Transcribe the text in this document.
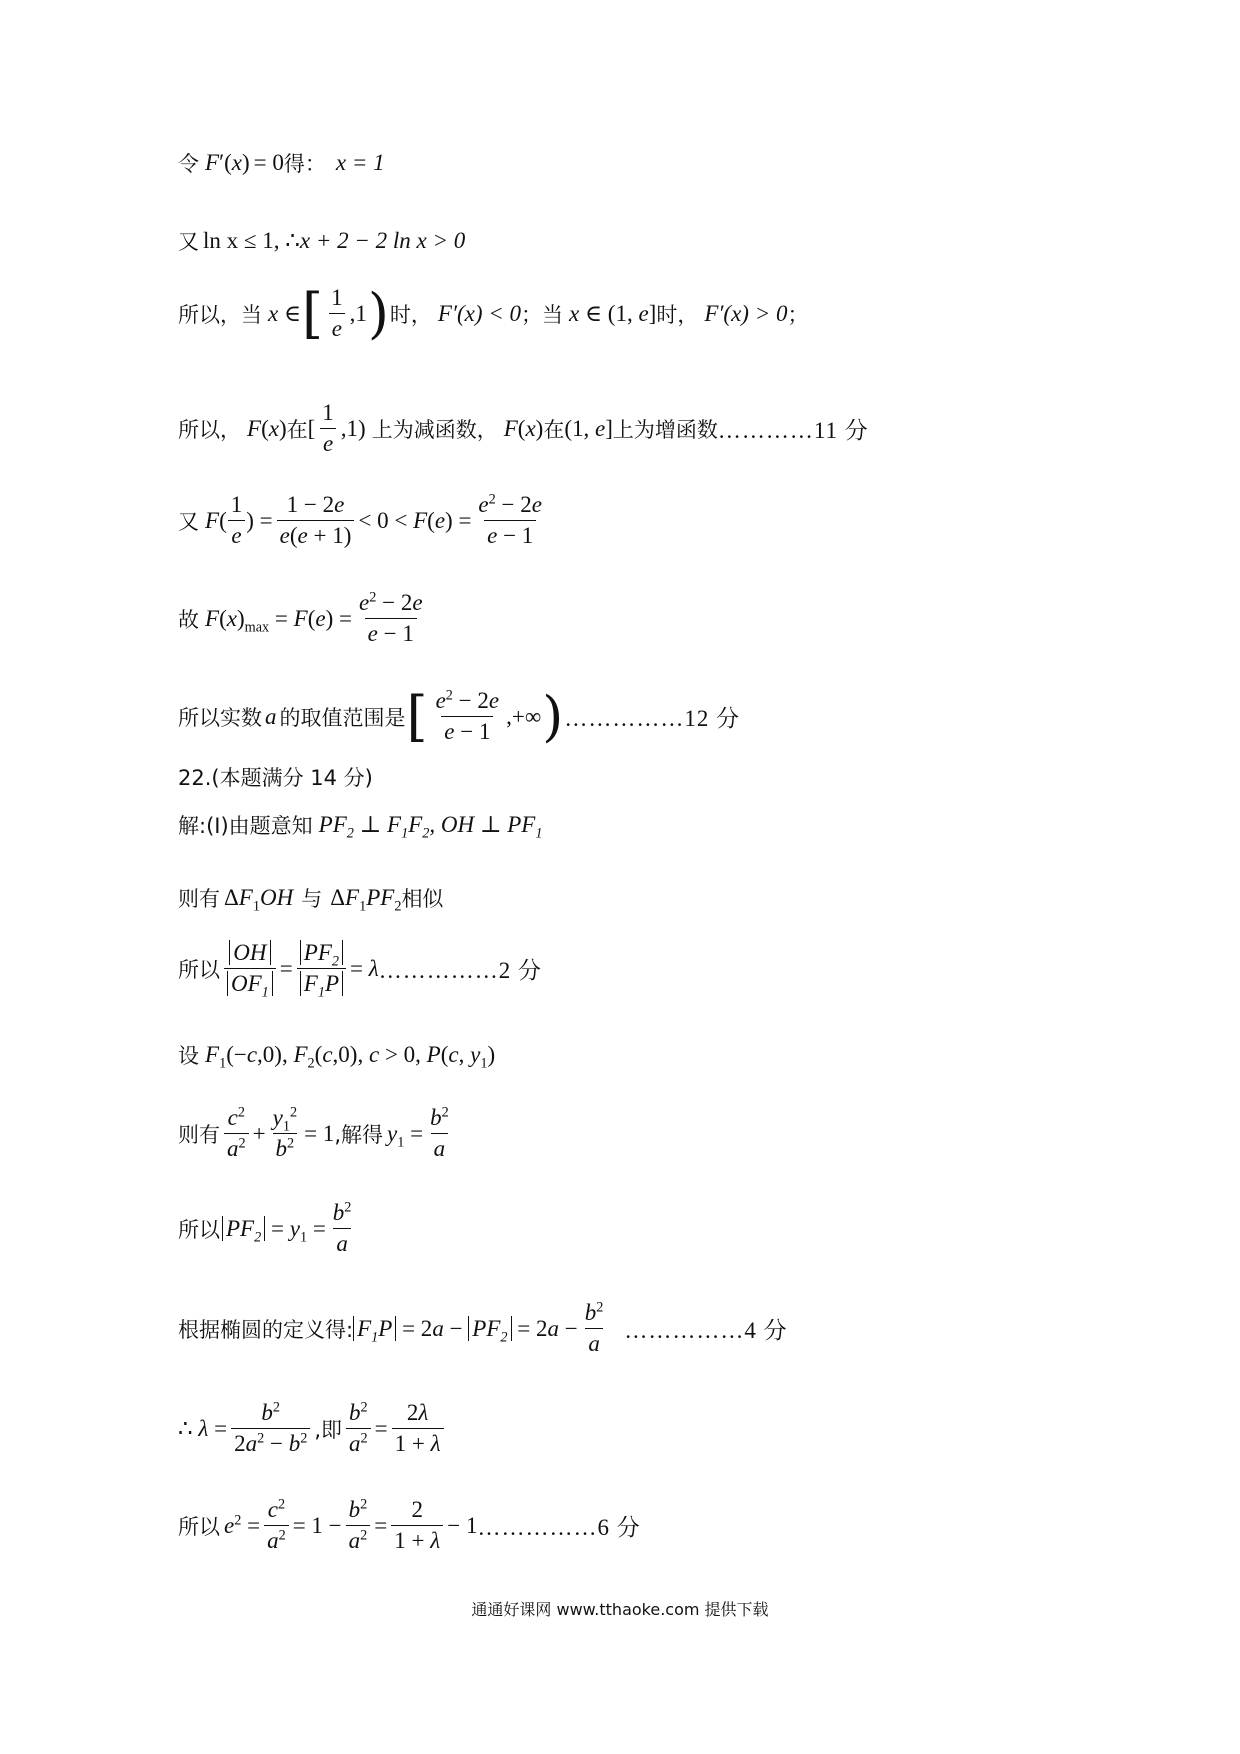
令 F′(x) = 0 得： x = 1
又 ln x ≤ 1, ∴ x + 2 − 2 ln x > 0
所以，当 x ∈ [ $\frac{1}{e} ,1$ ) 时， F′(x) < 0 ；当 x ∈ (1, e] 时， F′(x) > 0 ；
所以， F(x) 在 [ $\frac{1}{e} ,1$) 上为减函数， F(x) 在 (1, e] 上为增函数 …………11 分
又 $F( \frac{1}{e}$ ) = $\frac{1 - 2e}{e(e + 1)} < 0 < F(e) = \frac{e^2 - 2e}{e - 1}$
故 $F(x)_{max} = F(e) = \frac{e^2 - 2e}{e - 1}$
所以实数 a 的取值范围是 [ $\frac{e^2 - 2e}{e - 1}$ ,+∞ ) ……………12 分
22.(本题满分 14 分)
解:(Ⅰ)由题意知 $PF_2$ ⊥ $F_1F_2$, OH ⊥ $PF_1$
则有 $\Delta F_1OH$ 与 $\Delta F_1PF_2$ 相似
所以 $\frac{OH}{OF_1} = \frac{PF_2}{F_1P} = \lambda$ ……………2 分
设 $F_1(-c,0)$, $F_2(c,0)$, c > 0, P(c, $y_1$)
则有 $\frac{c^2}{a^2} + \frac{y_1^2}{b^2} = 1$ ,解得 $y_1 = \frac{b^2}{a}$
所以 $PF_2 = y_1 = \frac{b^2}{a}$
根据椭圆的定义得: $F_1P = 2a - PF_2 = 2a - \frac{b^2}{a}$ ……………4 分
∴ $\lambda = \frac{b^2}{2a^2 - b^2}$ ,即 $\frac{b^2}{a^2} = \frac{2\lambda}{1 + \lambda}$
所以 $e^2 = \frac{c^2}{a^2} = 1 - \frac{b^2}{a^2} = \frac{2}{1 + \lambda} - 1$ ……………6 分
通通好课网 www.tthaoke.com 提供下载
